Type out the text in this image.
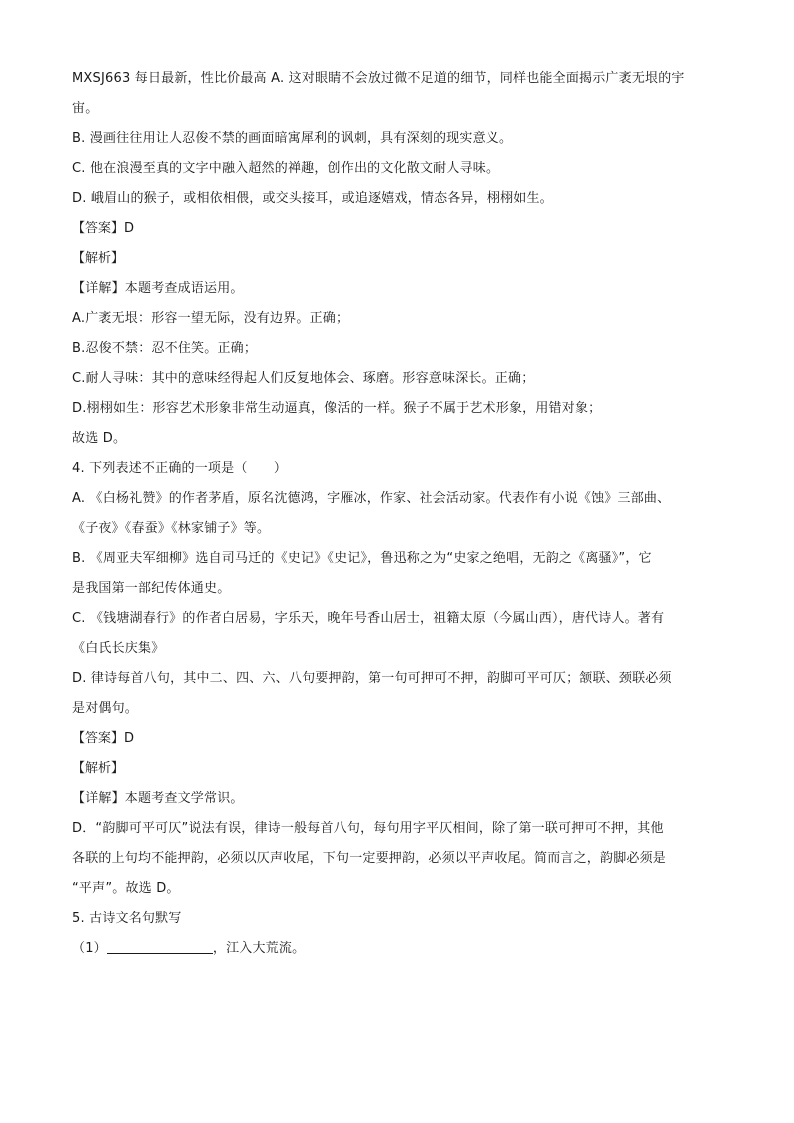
MXSJ663 每日最新，性比价最高 A. 这对眼睛不会放过微不足道的细节，同样也能全面揭示广袤无垠的宇
宙。
B. 漫画往往用让人忍俊不禁的画面暗寓犀利的讽刺，具有深刻的现实意义。
C. 他在浪漫至真的文字中融入超然的禅趣，创作出的文化散文耐人寻味。
D. 峨眉山的猴子，或相依相偎，或交头接耳，或追逐嬉戏，情态各异，栩栩如生。
【答案】D
【解析】
【详解】本题考查成语运用。
A.广袤无垠：形容一望无际，没有边界。正确；
B.忍俊不禁：忍不住笑。正确；
C.耐人寻味：其中的意味经得起人们反复地体会、琢磨。形容意味深长。正确；
D.栩栩如生：形容艺术形象非常生动逼真，像活的一样。猴子不属于艺术形象，用错对象；
故选 D。
4. 下列表述不正确的一项是（　　）
A. 《白杨礼赞》的作者茅盾，原名沈德鸿，字雁冰，作家、社会活动家。代表作有小说《蚀》三部曲、
《子夜》《春蚕》《林家铺子》等。
B. 《周亚夫军细柳》选自司马迁的《史记》《史记》，鲁迅称之为“史家之绝唱，无韵之《离骚》”，它
是我国第一部纪传体通史。
C. 《钱塘湖春行》的作者白居易，字乐天，晚年号香山居士，祖籍太原（今属山西），唐代诗人。著有
《白氏长庆集》
D. 律诗每首八句，其中二、四、六、八句要押韵，第一句可押可不押，韵脚可平可仄；颔联、颈联必须
是对偶句。
【答案】D
【解析】
【详解】本题考查文学常识。
D．“韵脚可平可仄”说法有误，律诗一般每首八句，每句用字平仄相间，除了第一联可押可不押，其他
各联的上句均不能押韵，必须以仄声收尾，下句一定要押韵，必须以平声收尾。简而言之，韵脚必须是
“平声”。故选 D。
5. 古诗文名句默写
（1）	，江入大荒流。
